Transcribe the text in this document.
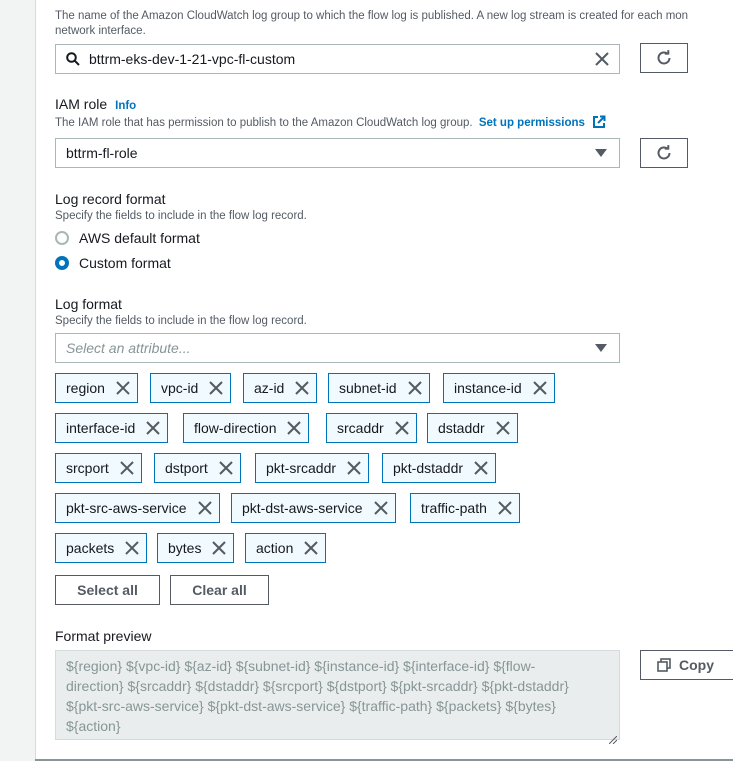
The name of the Amazon CloudWatch log group to which the flow log is published. A new log stream is created for each mon
network interface.
bttrm-eks-dev-1-21-vpc-fl-custom
IAM role Info
The IAM role that has permission to publish to the Amazon CloudWatch log group. Set up permissions
bttrm-fl-role
Log record format
Specify the fields to include in the flow log record.
AWS default format
Custom format
Log format
Specify the fields to include in the flow log record.
Select an attribute...
region	vpc-id	az-id	subnet-id	instance-id
interface-id	flow-direction	srcaddr	dstaddr
srcport	dstport	pkt-srcaddr	pkt-dstaddr
pkt-src-aws-service	pkt-dst-aws-service	traffic-path
packets	bytes	action
Select all	Clear all
Format preview
${region} ${vpc-id} ${az-id} ${subnet-id} ${instance-id} ${interface-id} ${flow-
direction} ${srcaddr} ${dstaddr} ${srcport} ${dstport} ${pkt-srcaddr} ${pkt-dstaddr}
${pkt-src-aws-service} ${pkt-dst-aws-service} ${traffic-path} ${packets} ${bytes}
${action}
Copy
